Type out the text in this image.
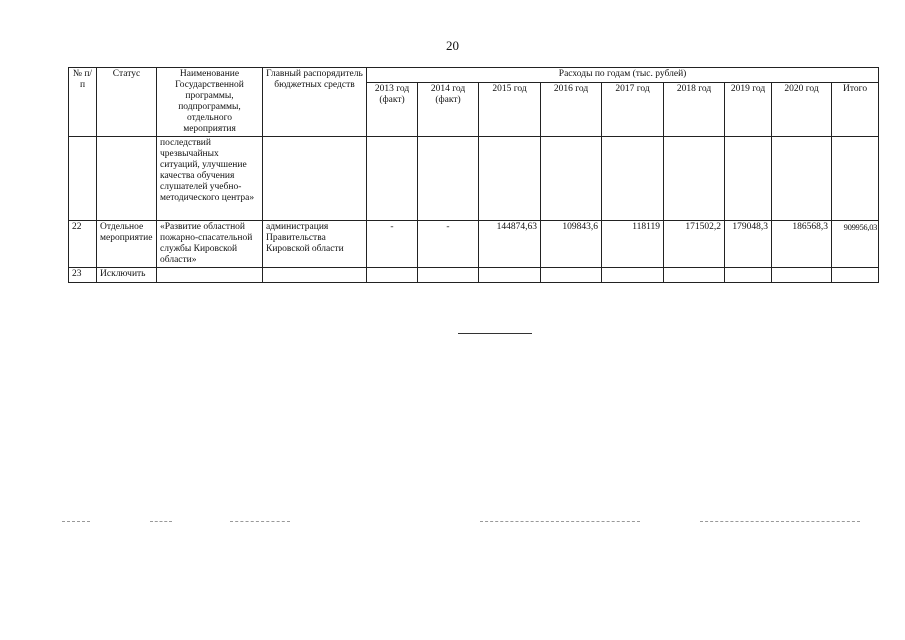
20
№ п/п	Статус	Наименование Государственной программы, подпрограммы, отдельного мероприятия	Главный распорядитель бюджетных средств	Расходы по годам (тыс. рублей)								
				2013 год (факт)	2014 год (факт)	2015 год	2016 год	2017 год	2018 год	2019 год	2020 год	Итого
		последствий чрезвычайных ситуаций, улучшение качества обучения слушателей учебно-методического центра»										
22	Отдельное мероприятие	«Развитие областной пожарно-спасательной службы Кировской области»	администрация Правительства Кировской области	-	-	144874,63	109843,6	118119	171502,2	179048,3	186568,3	909956,03
23	Исключить											
